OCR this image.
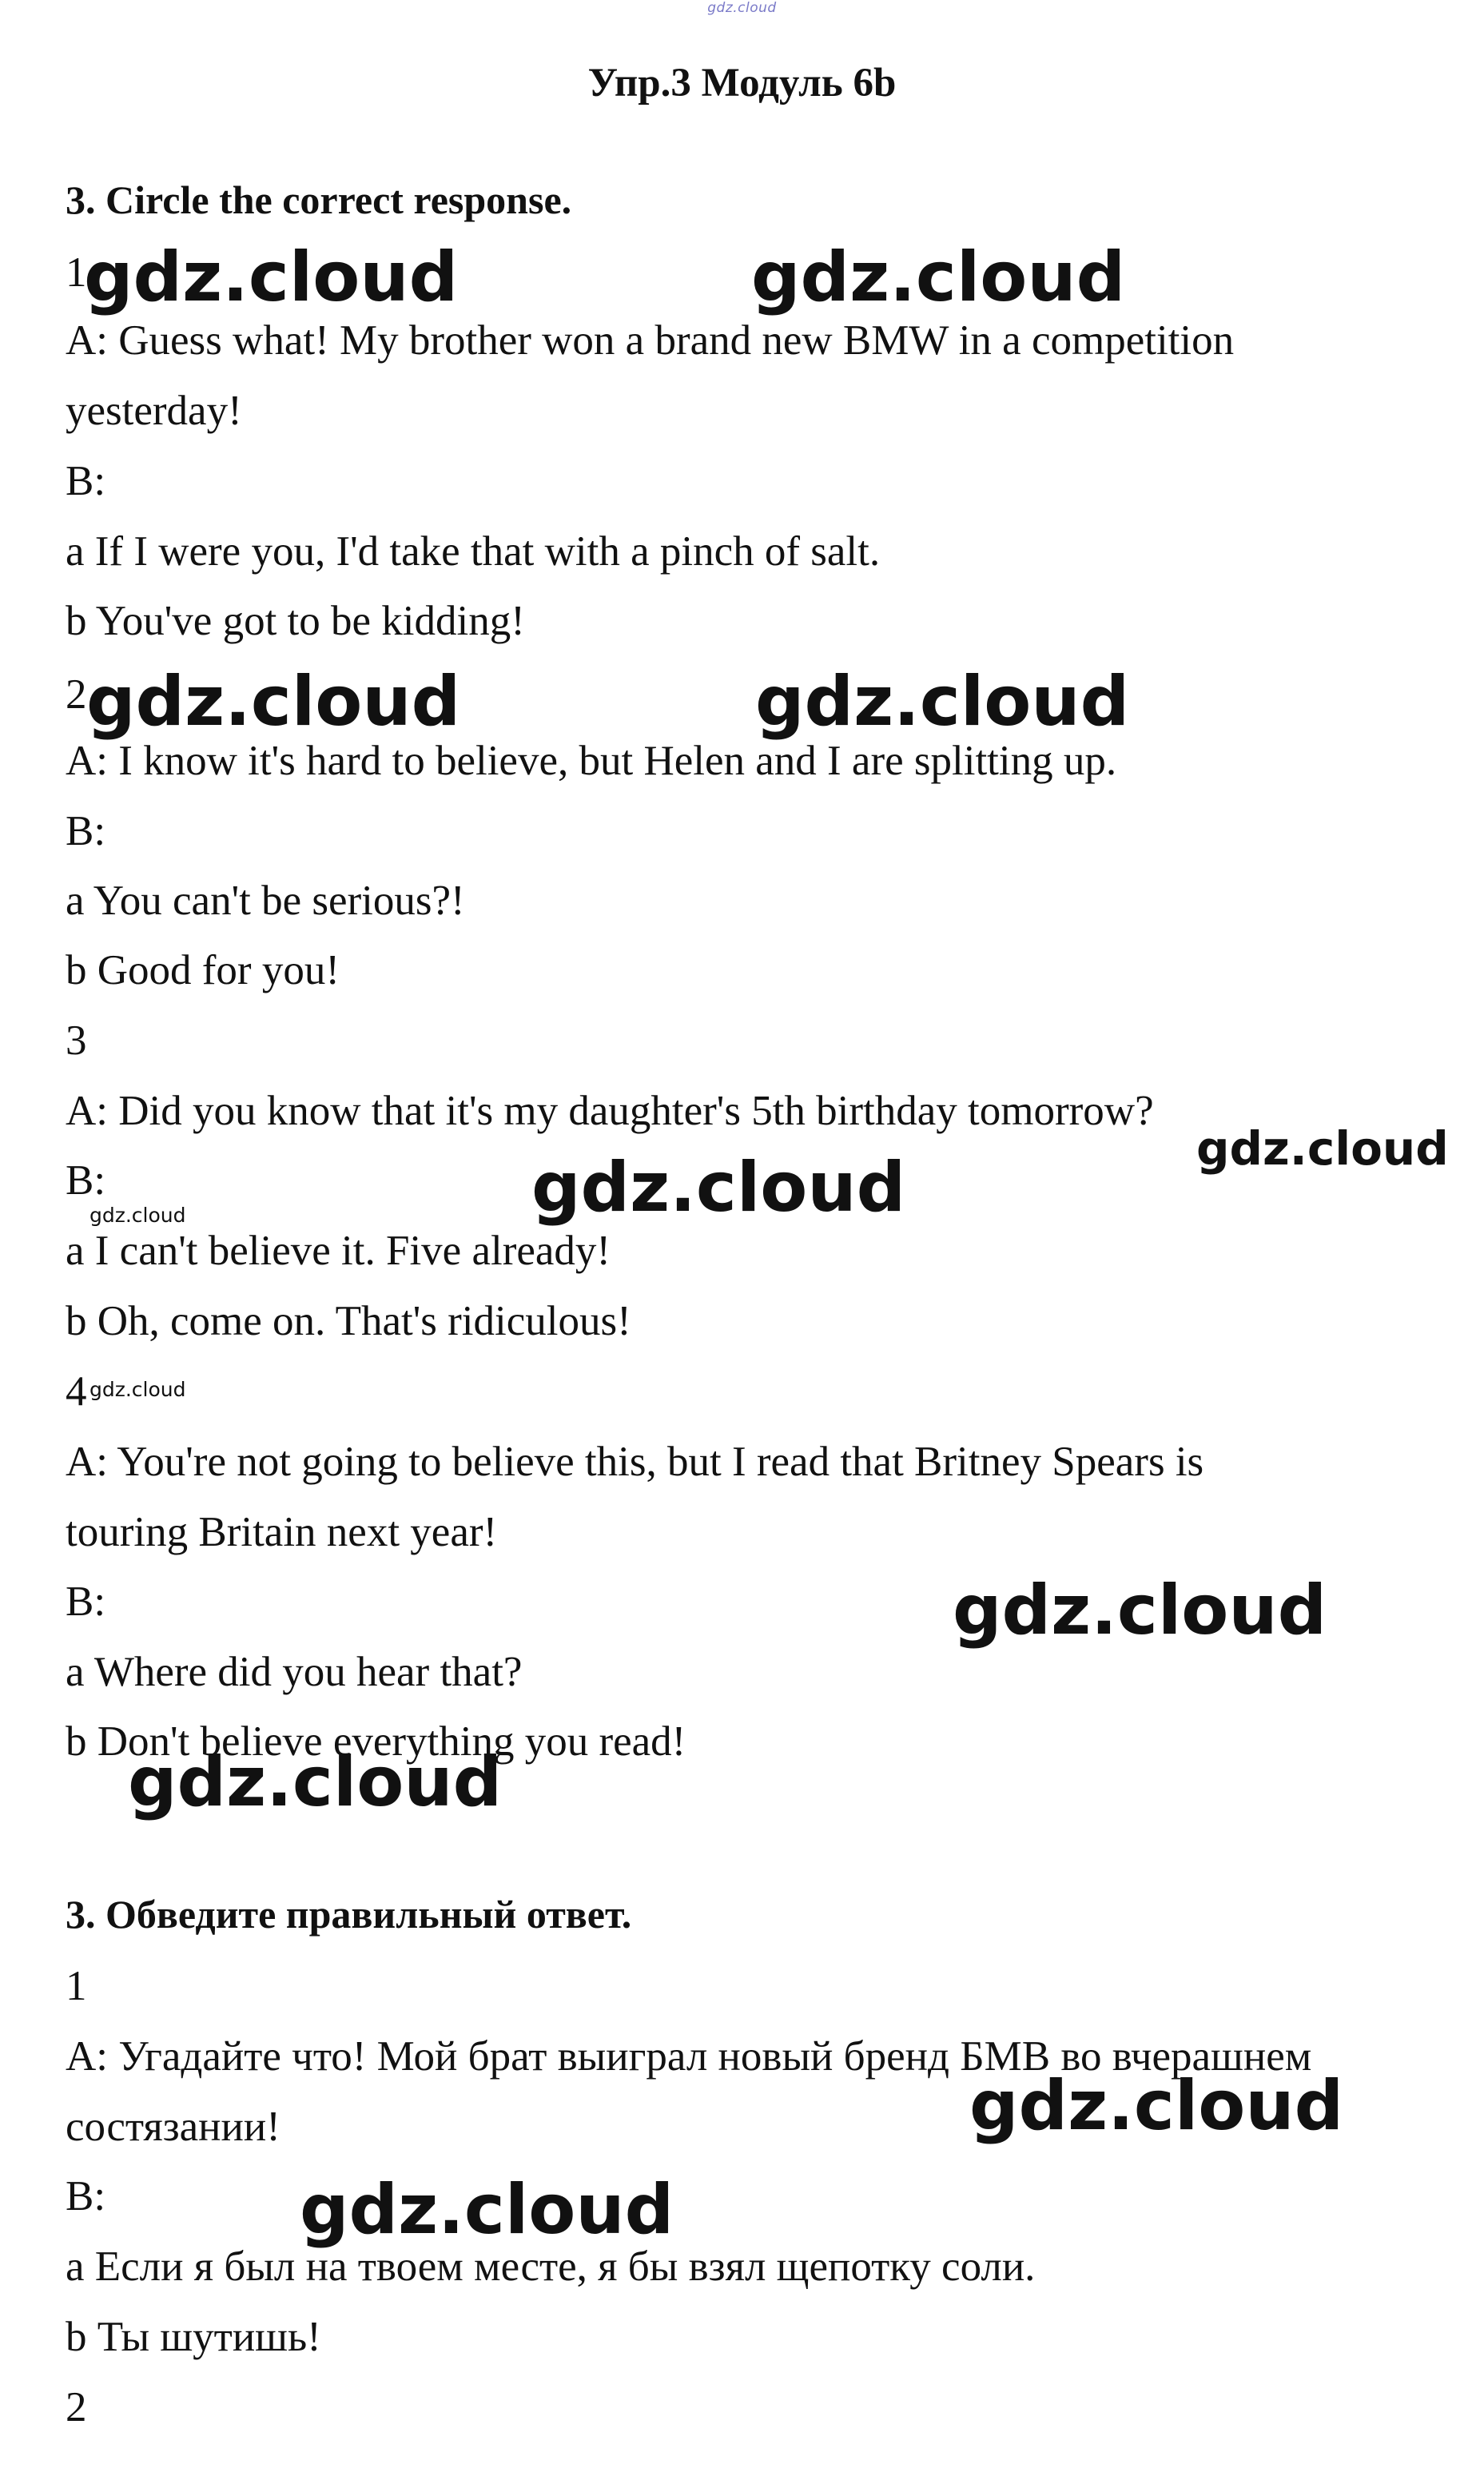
gdz.cloud
Упр.3 Модуль 6b
3. Circle the correct response.
1
gdz.cloud	gdz.cloud
A: Guess what! My brother won a brand new BMW in a competition
yesterday!
B:
a If I were you, I'd take that with a pinch of salt.
b You've got to be kidding!
2 gdz.cloud	gdz.cloud
A: I know it's hard to believe, but Helen and I are splitting up.
B:
a You can't be serious?!
b Good for you!
3
A: Did you know that it's my daughter's 5th birthday tomorrow?
gdz.cloud
B:	gdz.cloud
gdz.cloud
a I can't believe it. Five already!
b Oh, come on. That's ridiculous!
4 gdz.cloud
A: You're not going to believe this, but I read that Britney Spears is
touring Britain next year!
B:	gdz.cloud
a Where did you hear that?
b Don't believe everything you read!
gdz.cloud
3. Обведите правильный ответ.
1
А: Угадайте что! Мой брат выиграл новый бренд БМВ во вчерашнем
gdz.cloud
состязании!
В:	gdz.cloud
a Если я был на твоем месте, я бы взял щепотку соли.
b Ты шутишь!
2
